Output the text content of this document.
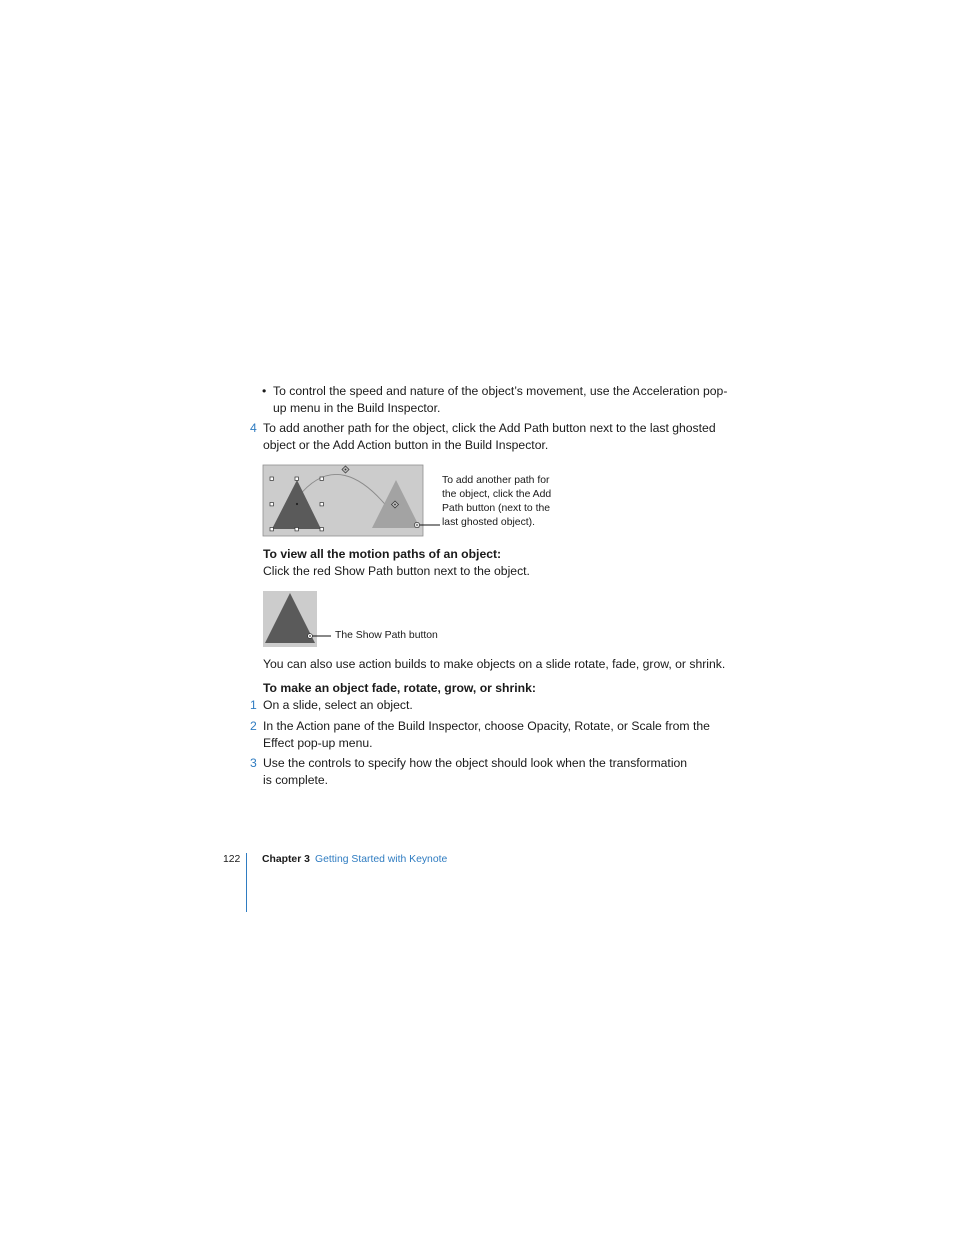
• To control the speed and nature of the object’s movement, use the Acceleration pop-
up menu in the Build Inspector.
4 To add another path for the object, click the Add Path button next to the last ghosted
object or the Add Action button in the Build Inspector.
To add another path for
the object, click the Add
Path button (next to the
last ghosted object).
To view all the motion paths of an object:
Click the red Show Path button next to the object.
The Show Path button
You can also use action builds to make objects on a slide rotate, fade, grow, or shrink.
To make an object fade, rotate, grow, or shrink:
1 On a slide, select an object.
2 In the Action pane of the Build Inspector, choose Opacity, Rotate, or Scale from the
Effect pop-up menu.
3 Use the controls to specify how the object should look when the transformation
is complete.
122 Chapter 3 Getting Started with Keynote
